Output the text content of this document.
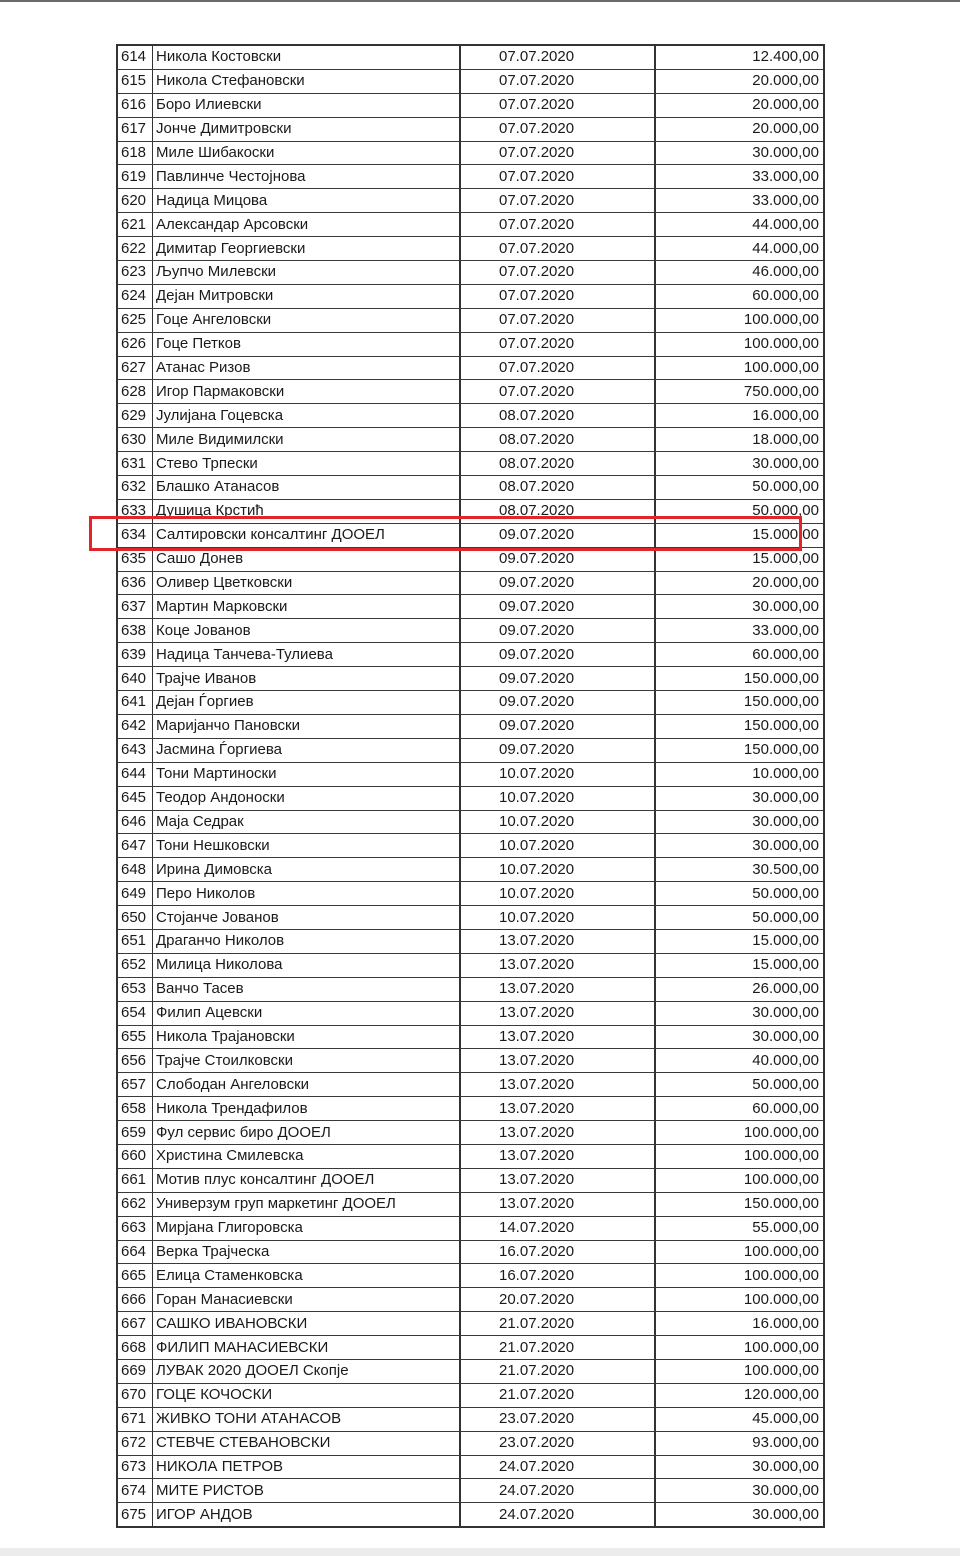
614	Никола Костовски	07.07.2020	12.400,00
615	Никола Стефановски	07.07.2020	20.000,00
616	Боро Илиевски	07.07.2020	20.000,00
617	Јонче Димитровски	07.07.2020	20.000,00
618	Миле Шибакоски	07.07.2020	30.000,00
619	Павлинче Честојнова	07.07.2020	33.000,00
620	Надица Мицова	07.07.2020	33.000,00
621	Александар Арсовски	07.07.2020	44.000,00
622	Димитар Георгиевски	07.07.2020	44.000,00
623	Љупчо Милевски	07.07.2020	46.000,00
624	Дејан Митровски	07.07.2020	60.000,00
625	Гоце Ангеловски	07.07.2020	100.000,00
626	Гоце Петков	07.07.2020	100.000,00
627	Атанас Ризов	07.07.2020	100.000,00
628	Игор Пармаковски	07.07.2020	750.000,00
629	Јулијана Гоцевска	08.07.2020	16.000,00
630	Миле Видимилски	08.07.2020	18.000,00
631	Стево Трпески	08.07.2020	30.000,00
632	Блашко Атанасов	08.07.2020	50.000,00
633	Душица Крстић	08.07.2020	50.000,00
634	Салтировски консалтинг ДООЕЛ	09.07.2020	15.000,00
635	Сашо Донев	09.07.2020	15.000,00
636	Оливер Цветковски	09.07.2020	20.000,00
637	Мартин Марковски	09.07.2020	30.000,00
638	Коце Јованов	09.07.2020	33.000,00
639	Надица Танчева-Тулиева	09.07.2020	60.000,00
640	Трајче Иванов	09.07.2020	150.000,00
641	Дејан Ѓоргиев	09.07.2020	150.000,00
642	Маријанчо Пановски	09.07.2020	150.000,00
643	Јасмина Ѓоргиева	09.07.2020	150.000,00
644	Тони Мартиноски	10.07.2020	10.000,00
645	Теодор Андоноски	10.07.2020	30.000,00
646	Маја Седрак	10.07.2020	30.000,00
647	Тони Нешковски	10.07.2020	30.000,00
648	Ирина Димовска	10.07.2020	30.500,00
649	Перо Николов	10.07.2020	50.000,00
650	Стојанче Јованов	10.07.2020	50.000,00
651	Драганчо Николов	13.07.2020	15.000,00
652	Милица Николова	13.07.2020	15.000,00
653	Ванчо Тасев	13.07.2020	26.000,00
654	Филип Ацевски	13.07.2020	30.000,00
655	Никола Трајановски	13.07.2020	30.000,00
656	Трајче Стоилковски	13.07.2020	40.000,00
657	Слободан Ангеловски	13.07.2020	50.000,00
658	Никола Трендафилов	13.07.2020	60.000,00
659	Фул сервис биро ДООЕЛ	13.07.2020	100.000,00
660	Христина Смилевска	13.07.2020	100.000,00
661	Мотив плус консалтинг ДООЕЛ	13.07.2020	100.000,00
662	Универзум груп маркетинг ДООЕЛ	13.07.2020	150.000,00
663	Мирјана Глигоровска	14.07.2020	55.000,00
664	Верка Трајческа	16.07.2020	100.000,00
665	Елица Стаменковска	16.07.2020	100.000,00
666	Горан Манасиевски	20.07.2020	100.000,00
667	САШКО ИВАНОВСКИ	21.07.2020	16.000,00
668	ФИЛИП МАНАСИЕВСКИ	21.07.2020	100.000,00
669	ЛУВАК 2020 ДООЕЛ Скопје	21.07.2020	100.000,00
670	ГОЦЕ КОЧОСКИ	21.07.2020	120.000,00
671	ЖИВКО ТОНИ АТАНАСОВ	23.07.2020	45.000,00
672	СТЕВЧЕ СТЕВАНОВСКИ	23.07.2020	93.000,00
673	НИКОЛА ПЕТРОВ	24.07.2020	30.000,00
674	МИТЕ РИСТОВ	24.07.2020	30.000,00
675	ИГОР АНДОВ	24.07.2020	30.000,00
